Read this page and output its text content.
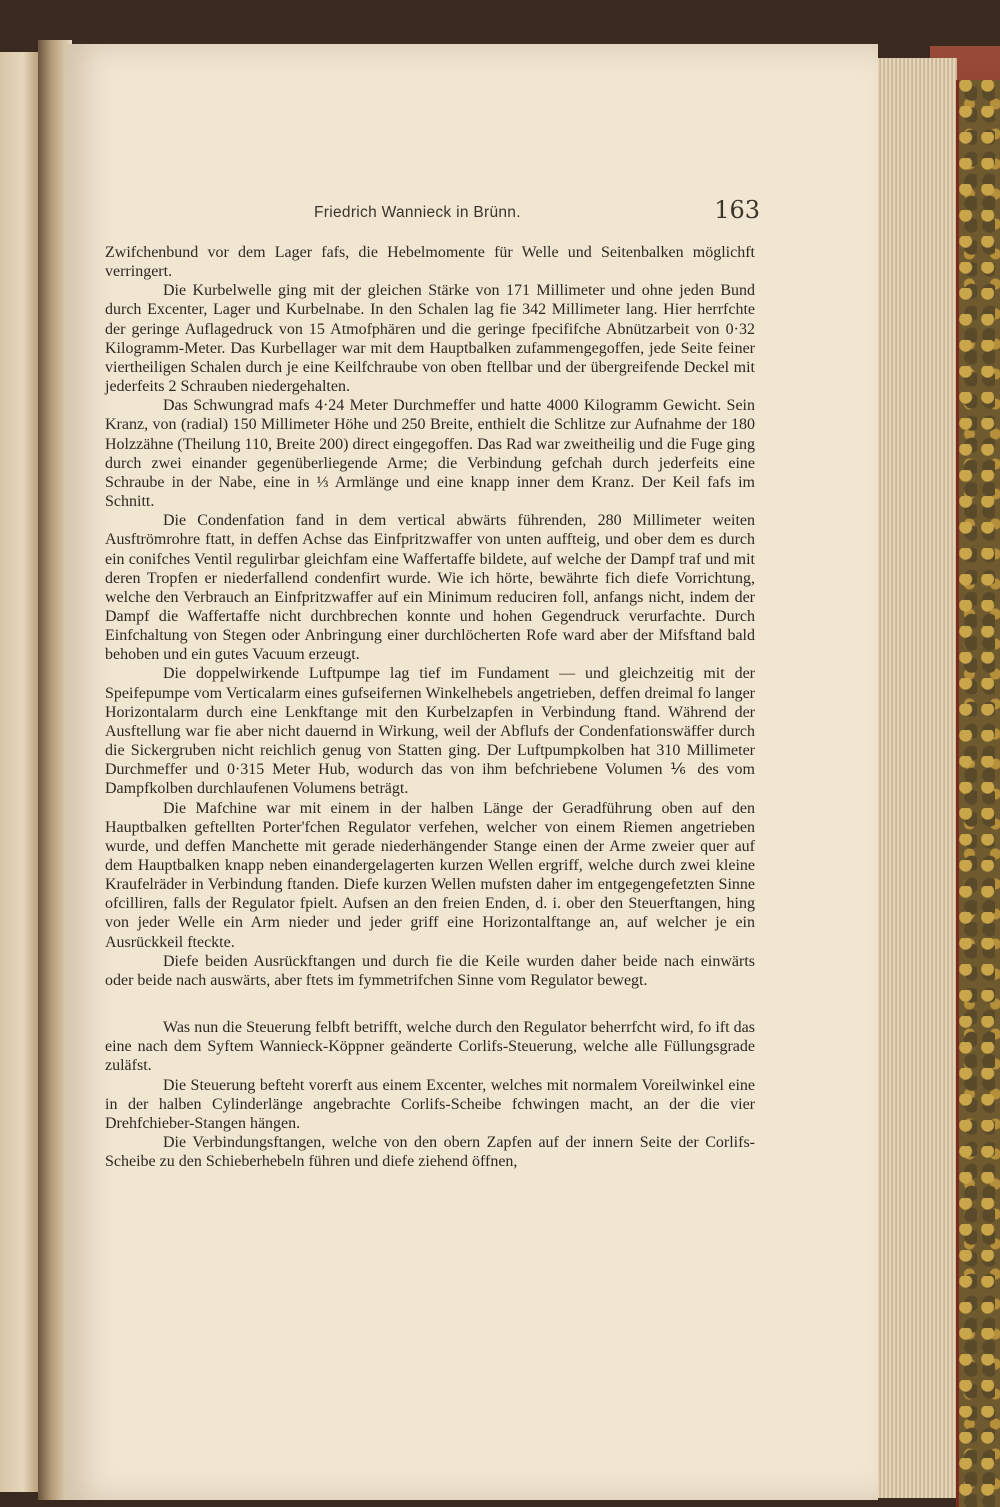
Friedrich Wannieck in Brünn.	163

Zwifchenbund vor dem Lager fafs, die Hebelmomente für Welle und Seitenbalken möglichft verringert.

Die Kurbelwelle ging mit der gleichen Stärke von 171 Millimeter und ohne jeden Bund durch Excenter, Lager und Kurbelnabe. In den Schalen lag fie 342 Millimeter lang. Hier herrfchte der geringe Auflagedruck von 15 Atmofphären und die geringe fpecififche Abnützarbeit von 0·32 Kilogramm-Meter. Das Kurbellager war mit dem Hauptbalken zufammengegoffen, jede Seite feiner viertheiligen Schalen durch je eine Keilfchraube von oben ftellbar und der übergreifende Deckel mit jederfeits 2 Schrauben niedergehalten.

Das Schwungrad mafs 4·24 Meter Durchmeffer und hatte 4000 Kilogramm Gewicht. Sein Kranz, von (radial) 150 Millimeter Höhe und 250 Breite, enthielt die Schlitze zur Aufnahme der 180 Holzzähne (Theilung 110, Breite 200) direct eingegoffen. Das Rad war zweitheilig und die Fuge ging durch zwei einander gegenüberliegende Arme; die Verbindung gefchah durch jederfeits eine Schraube in der Nabe, eine in ⅓ Armlänge und eine knapp inner dem Kranz. Der Keil fafs im Schnitt.

Die Condenfation fand in dem vertical abwärts führenden, 280 Millimeter weiten Ausftrömrohre ftatt, in deffen Achse das Einfpritzwaffer von unten auffteig, und ober dem es durch ein conifches Ventil regulirbar gleichfam eine Waffertaffe bildete, auf welche der Dampf traf und mit deren Tropfen er niederfallend condenfirt wurde. Wie ich hörte, bewährte fich diefe Vorrichtung, welche den Verbrauch an Einfpritzwaffer auf ein Minimum reduciren foll, anfangs nicht, indem der Dampf die Waffertaffe nicht durchbrechen konnte und hohen Gegendruck verurfachte. Durch Einfchaltung von Stegen oder Anbringung einer durchlöcherten Rofe ward aber der Mifsftand bald behoben und ein gutes Vacuum erzeugt.

Die doppelwirkende Luftpumpe lag tief im Fundament — und gleichzeitig mit der Speifepumpe vom Verticalarm eines gufseifernen Winkelhebels angetrieben, deffen dreimal fo langer Horizontalarm durch eine Lenkftange mit den Kurbelzapfen in Verbindung ftand. Während der Ausftellung war fie aber nicht dauernd in Wirkung, weil der Abflufs der Condenfationswäffer durch die Sickergruben nicht reichlich genug von Statten ging. Der Luftpumpkolben hat 310 Millimeter Durchmeffer und 0·315 Meter Hub, wodurch das von ihm befchriebene Volumen ⅙ des vom Dampfkolben durchlaufenen Volumens beträgt.

Die Mafchine war mit einem in der halben Länge der Geradführung oben auf den Hauptbalken geftellten Porter'fchen Regulator verfehen, welcher von einem Riemen angetrieben wurde, und deffen Manchette mit gerade niederhängender Stange einen der Arme zweier quer auf dem Hauptbalken knapp neben einandergelagerten kurzen Wellen ergriff, welche durch zwei kleine Kraufelräder in Verbindung ftanden. Diefe kurzen Wellen mufsten daher im entgegengefetzten Sinne ofcilliren, falls der Regulator fpielt. Aufsen an den freien Enden, d. i. ober den Steuerftangen, hing von jeder Welle ein Arm nieder und jeder griff eine Horizontalftange an, auf welcher je ein Ausrückkeil fteckte.

Diefe beiden Ausrückftangen und durch fie die Keile wurden daher beide nach einwärts oder beide nach auswärts, aber ftets im fymmetrifchen Sinne vom Regulator bewegt.

Was nun die Steuerung felbft betrifft, welche durch den Regulator beherrfcht wird, fo ift das eine nach dem Syftem Wannieck-Köppner geänderte Corlifs-Steuerung, welche alle Füllungsgrade zuläfst.

Die Steuerung befteht vorerft aus einem Excenter, welches mit normalem Voreilwinkel eine in der halben Cylinderlänge angebrachte Corlifs-Scheibe fchwingen macht, an der die vier Drehfchieber-Stangen hängen.

Die Verbindungsftangen, welche von den obern Zapfen auf der innern Seite der Corlifs-Scheibe zu den Schieberhebeln führen und diefe ziehend öffnen,
